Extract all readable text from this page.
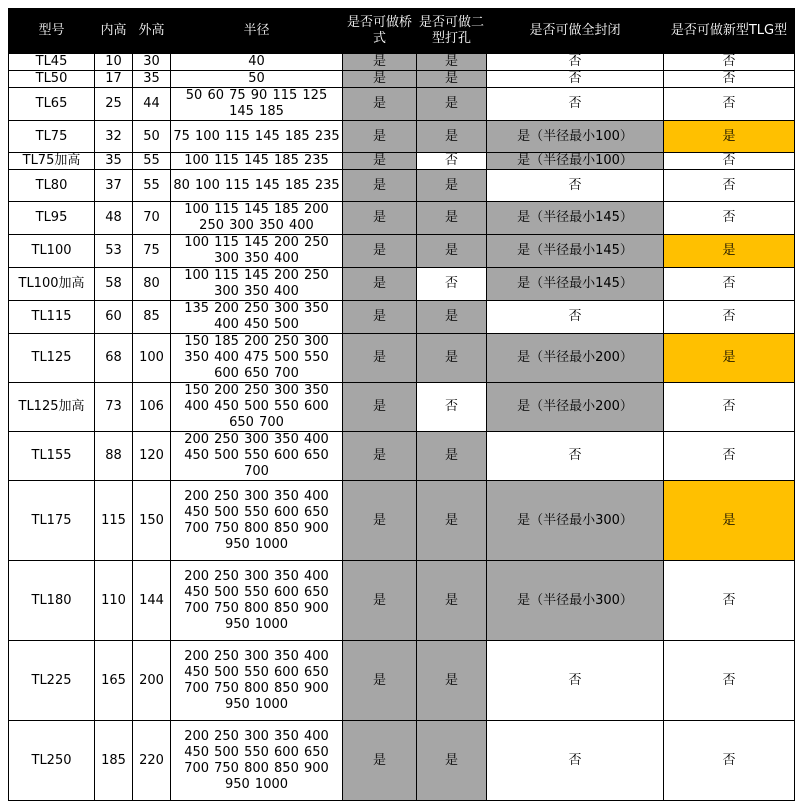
型号	内高	外高	半径	是否可做桥式	是否可做二型打孔	是否可做全封闭	是否可做新型TLG型
TL45	10	30	40	是	是	否	否
TL50	17	35	50	是	是	否	否
TL65	25	44	50 60 75 90 115 125 145 185	是	是	否	否
TL75	32	50	75 100 115 145 185 235	是	是	是（半径最小100）	是
TL75加高	35	55	100 115 145 185 235	是	否	是（半径最小100）	否
TL80	37	55	80 100 115 145 185 235	是	是	否	否
TL95	48	70	100 115 145 185 200 250 300 350 400	是	是	是（半径最小145）	否
TL100	53	75	100 115 145 200 250 300 350 400	是	是	是（半径最小145）	是
TL100加高	58	80	100 115 145 200 250 300 350 400	是	否	是（半径最小145）	否
TL115	60	85	135 200 250 300 350 400 450 500	是	是	否	否
TL125	68	100	150 185 200 250 300 350 400 475 500 550 600 650 700	是	是	是（半径最小200）	是
TL125加高	73	106	150 200 250 300 350 400 450 500 550 600 650 700	是	否	是（半径最小200）	否
TL155	88	120	200 250 300 350 400 450 500 550 600 650 700	是	是	否	否
TL175	115	150	200 250 300 350 400 450 500 550 600 650 700 750 800 850 900 950 1000	是	是	是（半径最小300）	是
TL180	110	144	200 250 300 350 400 450 500 550 600 650 700 750 800 850 900 950 1000	是	是	是（半径最小300）	否
TL225	165	200	200 250 300 350 400 450 500 550 600 650 700 750 800 850 900 950 1000	是	是	否	否
TL250	185	220	200 250 300 350 400 450 500 550 600 650 700 750 800 850 900 950 1000	是	是	否	否
